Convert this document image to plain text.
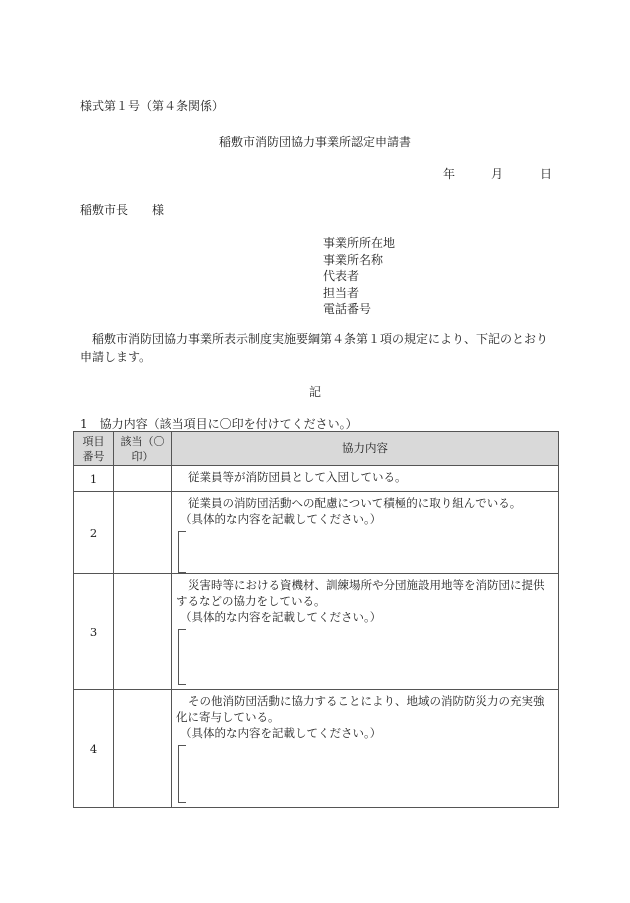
様式第１号（第４条関係）
稲敷市消防団協力事業所認定申請書
年	月	日
稲敷市長　　様
事業所所在地
事業所名称
代表者
担当者
電話番号
稲敷市消防団協力事業所表示制度実施要綱第４条第１項の規定により、下記のとおり申請します。
記
1　協力内容（該当項目に〇印を付けてください。）
項目番号	該当（〇印）	協力内容
1		従業員等が消防団員として入団している。

2		従業員の消防団活動への配慮について積極的に取り組んでいる。
（具体的な内容を記載してください。）

3		災害時等における資機材、訓練場所や分団施設用地等を消防団に提供するなどの協力をしている。
（具体的な内容を記載してください。）

4		その他消防団活動に協力することにより、地域の消防防災力の充実強化に寄与している。
（具体的な内容を記載してください。）
